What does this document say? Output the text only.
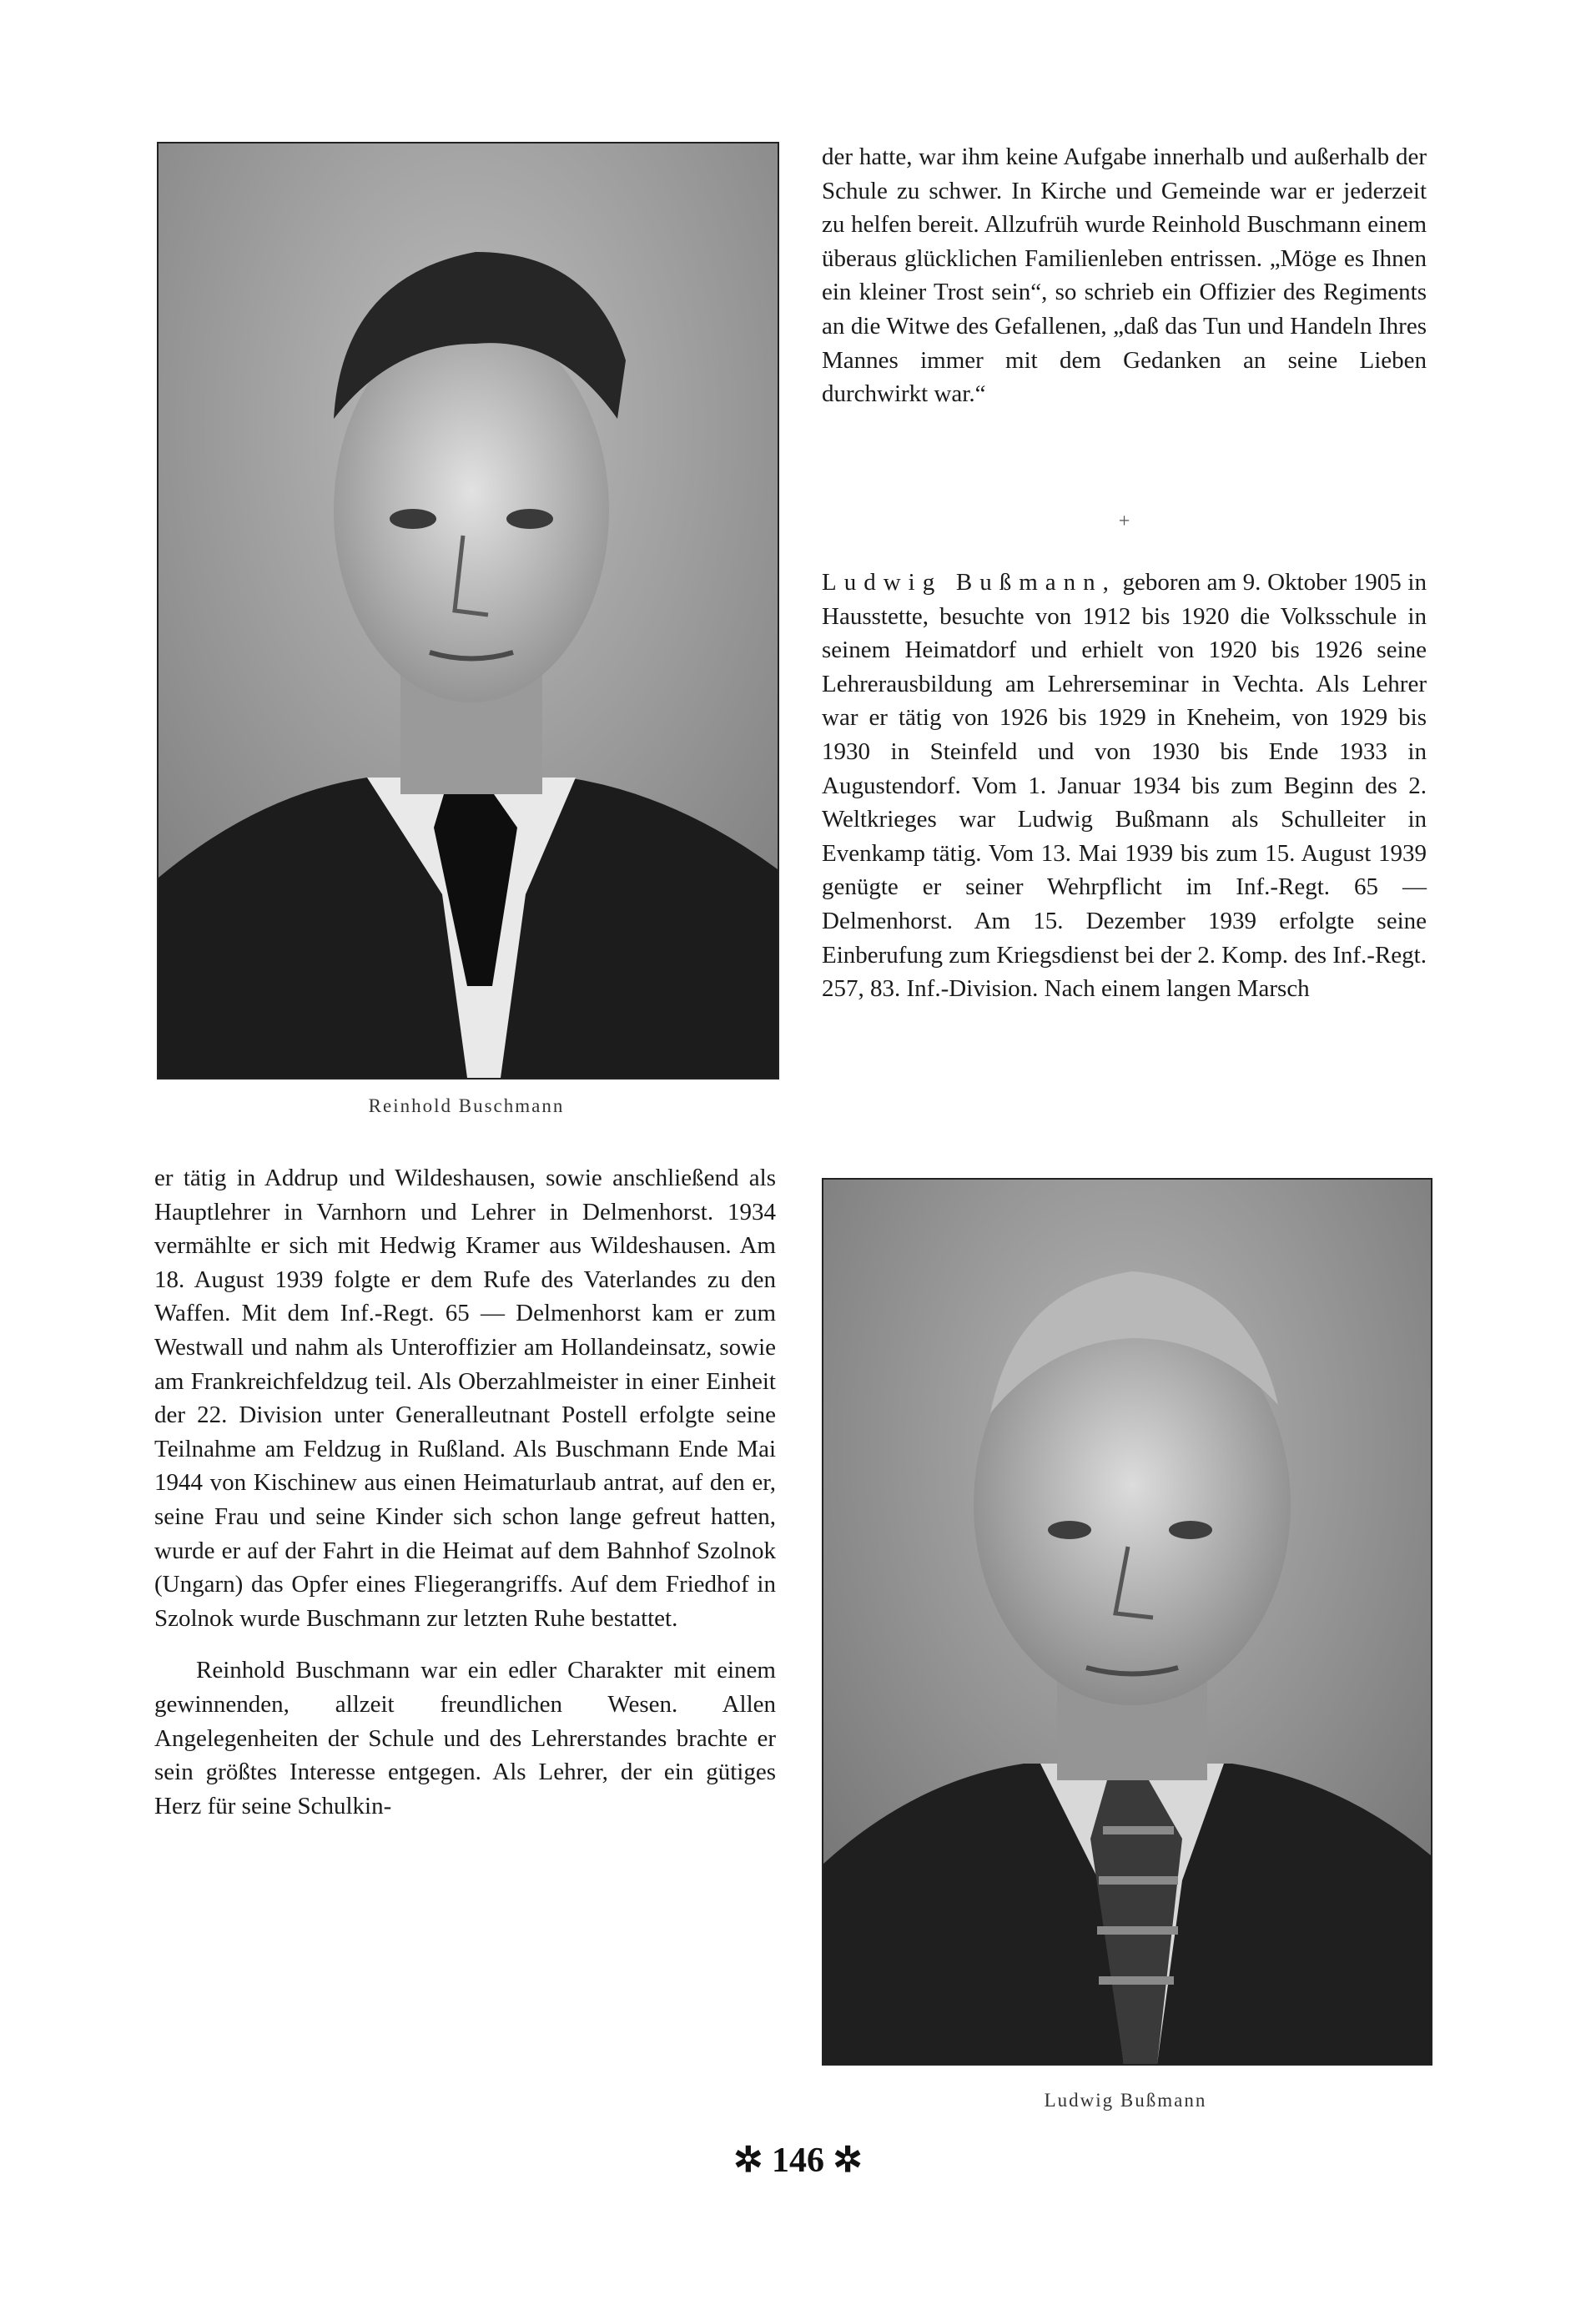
Reinhold Buschmann

der hatte, war ihm keine Aufgabe innerhalb und außerhalb der Schule zu schwer. In Kirche und Gemeinde war er jederzeit zu helfen bereit. Allzufrüh wurde Reinhold Buschmann einem überaus glücklichen Familienleben entrissen. „Möge es Ihnen ein kleiner Trost sein“, so schrieb ein Offizier des Regiments an die Witwe des Gefallenen, „daß das Tun und Handeln Ihres Mannes immer mit dem Gedanken an seine Lieben durchwirkt war.“

+

Ludwig Bußmann, geboren am 9. Oktober 1905 in Hausstette, besuchte von 1912 bis 1920 die Volksschule in seinem Heimatdorf und erhielt von 1920 bis 1926 seine Lehrerausbildung am Lehrerseminar in Vechta. Als Lehrer war er tätig von 1926 bis 1929 in Kneheim, von 1929 bis 1930 in Steinfeld und von 1930 bis Ende 1933 in Augustendorf. Vom 1. Januar 1934 bis zum Beginn des 2. Weltkrieges war Ludwig Bußmann als Schulleiter in Evenkamp tätig. Vom 13. Mai 1939 bis zum 15. August 1939 genügte er seiner Wehrpflicht im Inf.-Regt. 65 — Delmenhorst. Am 15. Dezember 1939 erfolgte seine Einberufung zum Kriegsdienst bei der 2. Komp. des Inf.-Regt. 257, 83. Inf.-Division. Nach einem langen Marsch

er tätig in Addrup und Wildeshausen, sowie anschließend als Hauptlehrer in Varnhorn und Lehrer in Delmenhorst. 1934 vermählte er sich mit Hedwig Kramer aus Wildeshausen. Am 18. August 1939 folgte er dem Rufe des Vaterlandes zu den Waffen. Mit dem Inf.-Regt. 65 — Delmenhorst kam er zum Westwall und nahm als Unteroffizier am Hollandeinsatz, sowie am Frankreichfeldzug teil. Als Oberzahlmeister in einer Einheit der 22. Division unter Generalleutnant Postell erfolgte seine Teilnahme am Feldzug in Rußland. Als Buschmann Ende Mai 1944 von Kischinew aus einen Heimaturlaub antrat, auf den er, seine Frau und seine Kinder sich schon lange gefreut hatten, wurde er auf der Fahrt in die Heimat auf dem Bahnhof Szolnok (Ungarn) das Opfer eines Fliegerangriffs. Auf dem Friedhof in Szolnok wurde Buschmann zur letzten Ruhe bestattet.

Reinhold Buschmann war ein edler Charakter mit einem gewinnenden, allzeit freundlichen Wesen. Allen Angelegenheiten der Schule und des Lehrerstandes brachte er sein größtes Interesse entgegen. Als Lehrer, der ein gütiges Herz für seine Schulkin-

Ludwig Bußmann
✲ 146 ✲
